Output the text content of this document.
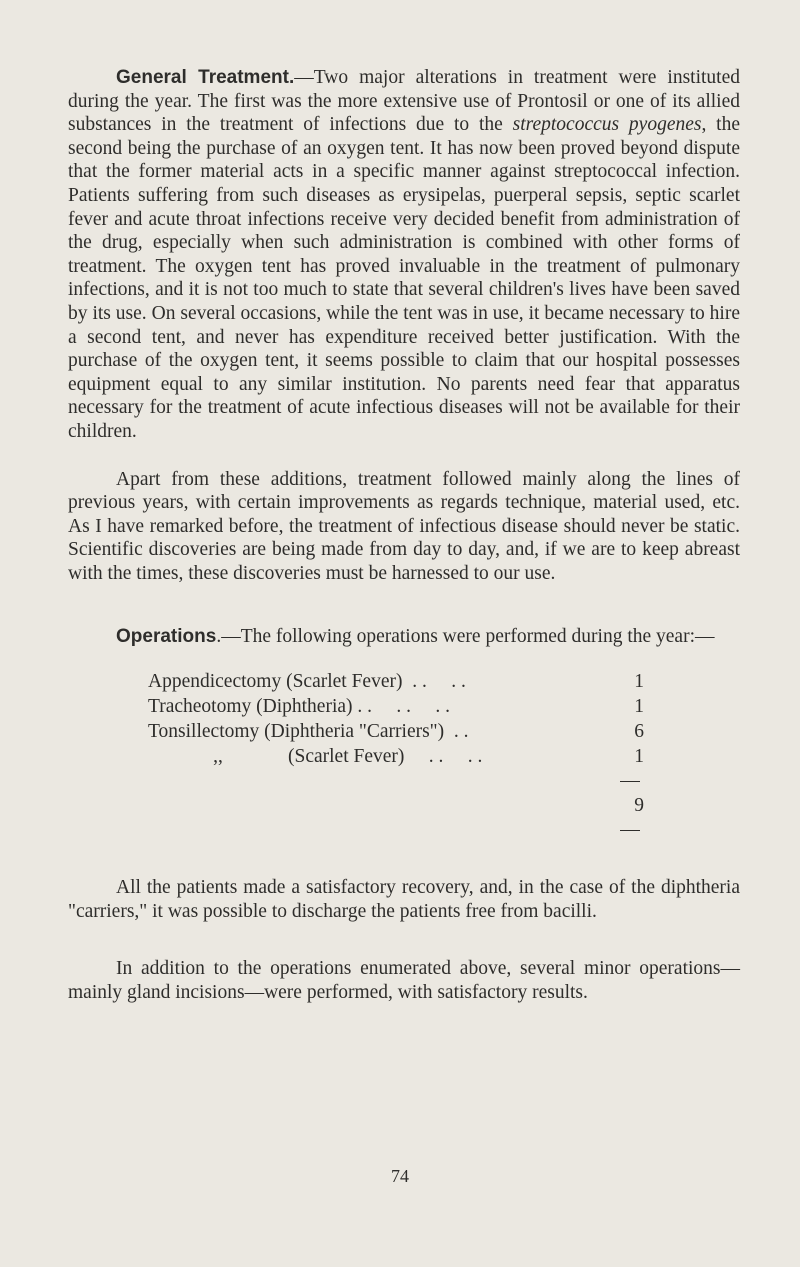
General Treatment.—Two major alterations in treatment were instituted during the year. The first was the more extensive use of Prontosil or one of its allied substances in the treatment of infections due to the streptococcus pyogenes, the second being the purchase of an oxygen tent. It has now been proved beyond dispute that the former material acts in a specific manner against streptococcal infection. Patients suffering from such diseases as erysipelas, puerperal sepsis, septic scarlet fever and acute throat infections receive very decided benefit from administration of the drug, especially when such administration is combined with other forms of treatment. The oxygen tent has proved invaluable in the treatment of pulmonary infections, and it is not too much to state that several children's lives have been saved by its use. On several occasions, while the tent was in use, it became necessary to hire a second tent, and never has expenditure received better justification. With the purchase of the oxygen tent, it seems possible to claim that our hospital possesses equipment equal to any similar institution. No parents need fear that apparatus necessary for the treatment of acute infectious diseases will not be available for their children.

Apart from these additions, treatment followed mainly along the lines of previous years, with certain improvements as regards technique, material used, etc. As I have remarked before, the treatment of infectious disease should never be static. Scientific discoveries are being made from day to day, and, if we are to keep abreast with the times, these discoveries must be harnessed to our use.

Operations.—The following operations were performed during the year:—

Appendicectomy (Scarlet Fever)  . .     . .	1
Tracheotomy (Diphtheria) . .     . .     . .	1
Tonsillectomy (Diphtheria "Carriers")  . .	6
,,	(Scarlet Fever)     . .     . .	1
9

All the patients made a satisfactory recovery, and, in the case of the diphtheria "carriers," it was possible to discharge the patients free from bacilli.

In addition to the operations enumerated above, several minor operations—mainly gland incisions—were performed, with satisfactory results.

74
